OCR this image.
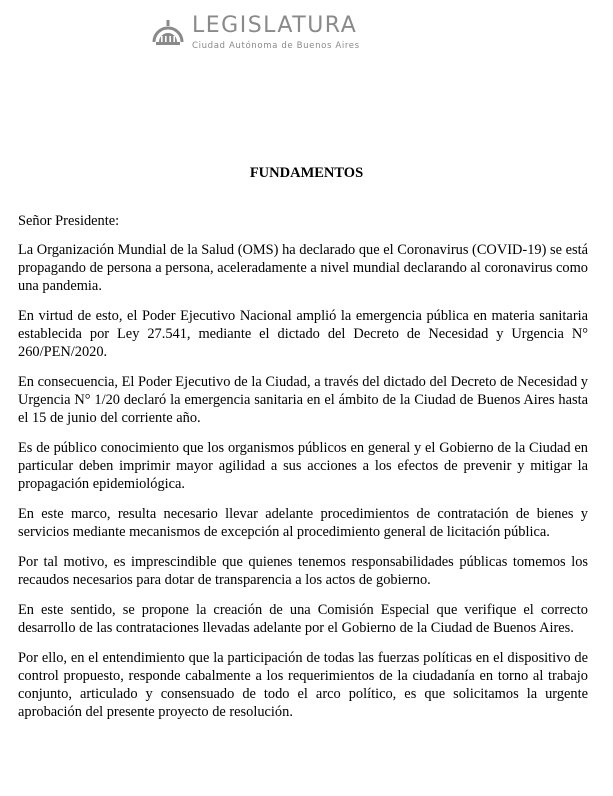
LEGISLATURA
Ciudad Autónoma de Buenos Aires
FUNDAMENTOS

Señor Presidente:

La Organización Mundial de la Salud (OMS) ha declarado que el Coronavirus (COVID-19) se está propagando de persona a persona, aceleradamente a nivel mundial declarando al coronavirus como una pandemia.

En virtud de esto, el Poder Ejecutivo Nacional amplió la emergencia pública en materia sanitaria establecida por Ley 27.541, mediante el dictado del Decreto de Necesidad y Urgencia N° 260/PEN/2020.

En consecuencia, El Poder Ejecutivo de la Ciudad, a través del dictado del Decreto de Necesidad y Urgencia N° 1/20 declaró la emergencia sanitaria en el ámbito de la Ciudad de Buenos Aires hasta el 15 de junio del corriente año.

Es de público conocimiento que los organismos públicos en general y el Gobierno de la Ciudad en particular deben imprimir mayor agilidad a sus acciones a los efectos de prevenir y mitigar la propagación epidemiológica.

En este marco, resulta necesario llevar adelante procedimientos de contratación de bienes y servicios mediante mecanismos de excepción al procedimiento general de licitación pública.

Por tal motivo, es imprescindible que quienes tenemos responsabilidades públicas tomemos los recaudos necesarios para dotar de transparencia a los actos de gobierno.

En este sentido, se propone la creación de una Comisión Especial que verifique el correcto desarrollo de las contrataciones llevadas adelante por el Gobierno de la Ciudad de Buenos Aires.

Por ello, en el entendimiento que la participación de todas las fuerzas políticas en el dispositivo de control propuesto, responde cabalmente a los requerimientos de la ciudadanía en torno al trabajo conjunto, articulado y consensuado de todo el arco político, es que solicitamos la urgente aprobación del presente proyecto de resolución.
